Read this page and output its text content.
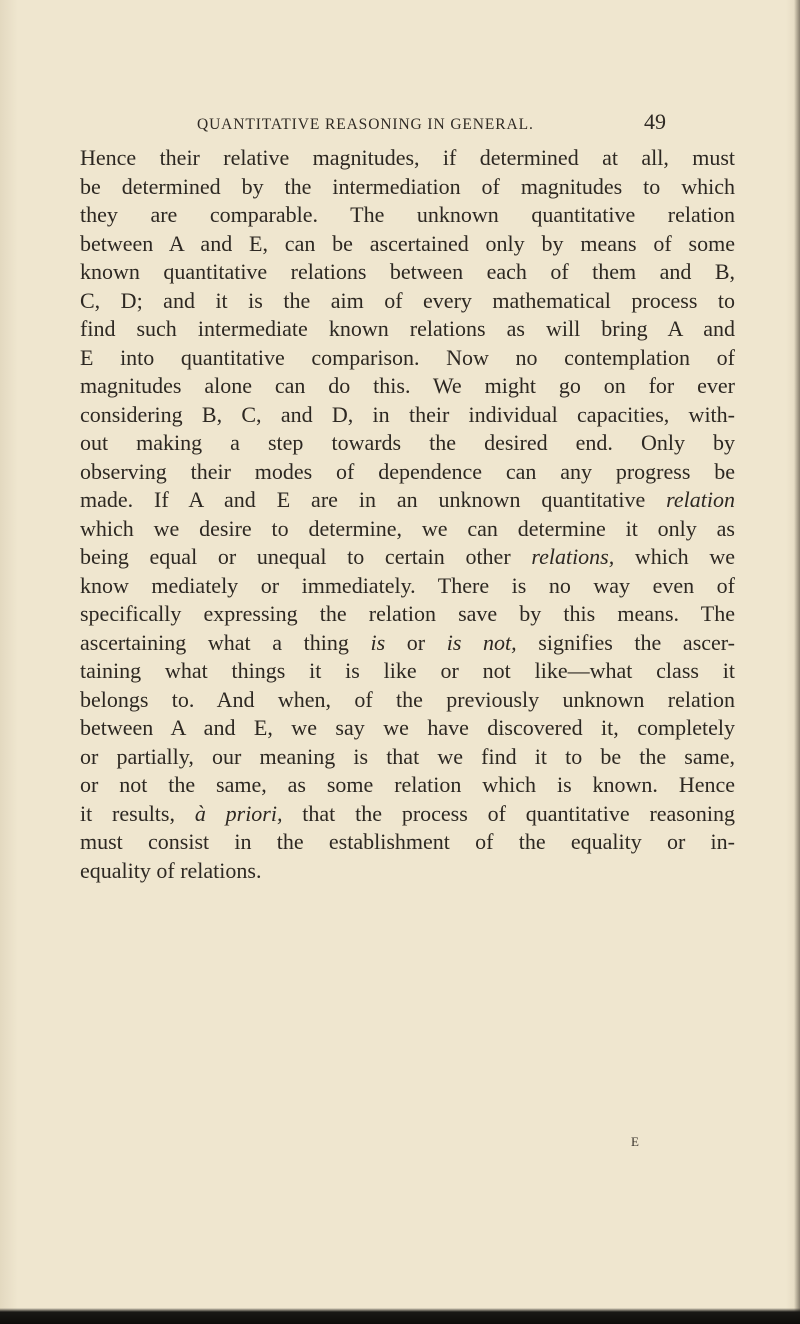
QUANTITATIVE REASONING IN GENERAL.	49
Hence their relative magnitudes, if determined at all, must
be determined by the intermediation of magnitudes to which
they are comparable. The unknown quantitative relation
between A and E, can be ascertained only by means of some
known quantitative relations between each of them and B,
C, D; and it is the aim of every mathematical process to
find such intermediate known relations as will bring A and
E into quantitative comparison. Now no contemplation of
magnitudes alone can do this. We might go on for ever
considering B, C, and D, in their individual capacities, with-
out making a step towards the desired end. Only by
observing their modes of dependence can any progress be
made. If A and E are in an unknown quantitative relation
which we desire to determine, we can determine it only as
being equal or unequal to certain other relations, which we
know mediately or immediately. There is no way even of
specifically expressing the relation save by this means. The
ascertaining what a thing is or is not, signifies the ascer-
taining what things it is like or not like—what class it
belongs to. And when, of the previously unknown relation
between A and E, we say we have discovered it, completely
or partially, our meaning is that we find it to be the same,
or not the same, as some relation which is known. Hence
it results, à priori, that the process of quantitative reasoning
must consist in the establishment of the equality or in-
equality of relations.
E
